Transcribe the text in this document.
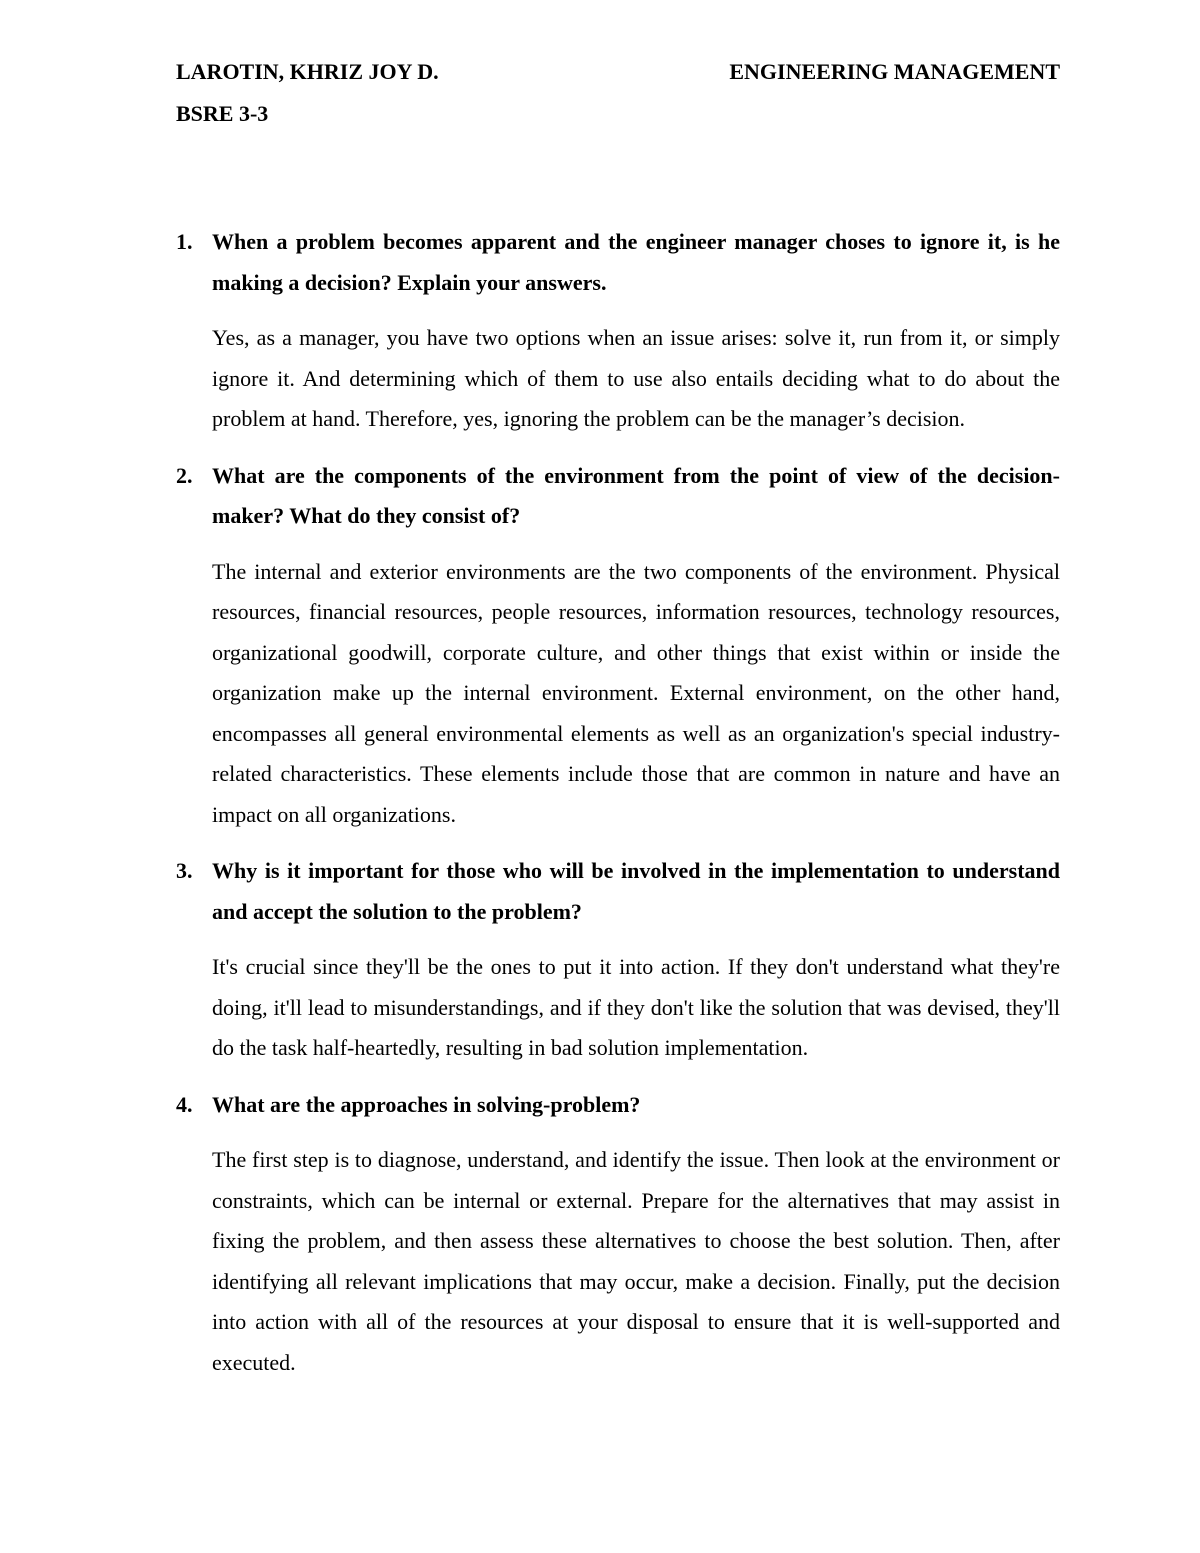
LAROTIN, KHRIZ JOY D.	ENGINEERING MANAGEMENT
BSRE 3-3
1. When a problem becomes apparent and the engineer manager choses to ignore it, is he making a decision? Explain your answers.
Yes, as a manager, you have two options when an issue arises: solve it, run from it, or simply ignore it. And determining which of them to use also entails deciding what to do about the problem at hand. Therefore, yes, ignoring the problem can be the manager’s decision.
2. What are the components of the environment from the point of view of the decision-maker? What do they consist of?
The internal and exterior environments are the two components of the environment. Physical resources, financial resources, people resources, information resources, technology resources, organizational goodwill, corporate culture, and other things that exist within or inside the organization make up the internal environment. External environment, on the other hand, encompasses all general environmental elements as well as an organization's special industry-related characteristics. These elements include those that are common in nature and have an impact on all organizations.
3. Why is it important for those who will be involved in the implementation to understand and accept the solution to the problem?
It's crucial since they'll be the ones to put it into action. If they don't understand what they're doing, it'll lead to misunderstandings, and if they don't like the solution that was devised, they'll do the task half-heartedly, resulting in bad solution implementation.
4. What are the approaches in solving-problem?
The first step is to diagnose, understand, and identify the issue. Then look at the environment or constraints, which can be internal or external. Prepare for the alternatives that may assist in fixing the problem, and then assess these alternatives to choose the best solution. Then, after identifying all relevant implications that may occur, make a decision. Finally, put the decision into action with all of the resources at your disposal to ensure that it is well-supported and executed.
